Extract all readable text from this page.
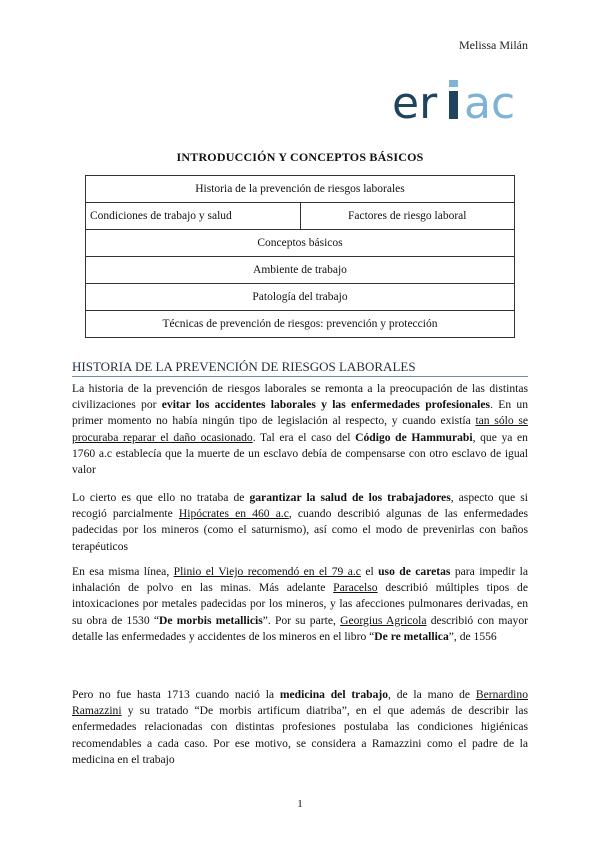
Melissa Milán
er ac
INTRODUCCIÓN Y CONCEPTOS BÁSICOS
Historia de la prevención de riesgos laborales
Condiciones de trabajo y salud	Factores de riesgo laboral
Conceptos básicos
Ambiente de trabajo
Patología del trabajo
Técnicas de prevención de riesgos: prevención y protección
HISTORIA DE LA PREVENCIÓN DE RIESGOS LABORALES

La historia de la prevención de riesgos laborales se remonta a la preocupación de las distintas civilizaciones por evitar los accidentes laborales y las enfermedades profesionales. En un primer momento no había ningún tipo de legislación al respecto, y cuando existía tan sólo se procuraba reparar el daño ocasionado. Tal era el caso del Código de Hammurabi, que ya en 1760 a.c establecía que la muerte de un esclavo debía de compensarse con otro esclavo de igual valor

Lo cierto es que ello no trataba de garantizar la salud de los trabajadores, aspecto que si recogió parcialmente Hipócrates en 460 a.c, cuando describió algunas de las enfermedades padecidas por los mineros (como el saturnismo), así como el modo de prevenirlas con baños terapéuticos

En esa misma línea, Plinio el Viejo recomendó en el 79 a.c el uso de caretas para impedir la inhalación de polvo en las minas. Más adelante Paracelso describió múltiples tipos de intoxicaciones por metales padecidas por los mineros, y las afecciones pulmonares derivadas, en su obra de 1530 “De morbis metallicis”. Por su parte, Georgius Agricola describió con mayor detalle las enfermedades y accidentes de los mineros en el libro “De re metallica”, de 1556

Pero no fue hasta 1713 cuando nació la medicina del trabajo, de la mano de Bernardino Ramazzini y su tratado “De morbis artificum diatriba”, en el que además de describir las enfermedades relacionadas con distintas profesiones postulaba las condiciones higiénicas recomendables a cada caso. Por ese motivo, se considera a Ramazzini como el padre de la medicina en el trabajo

1
